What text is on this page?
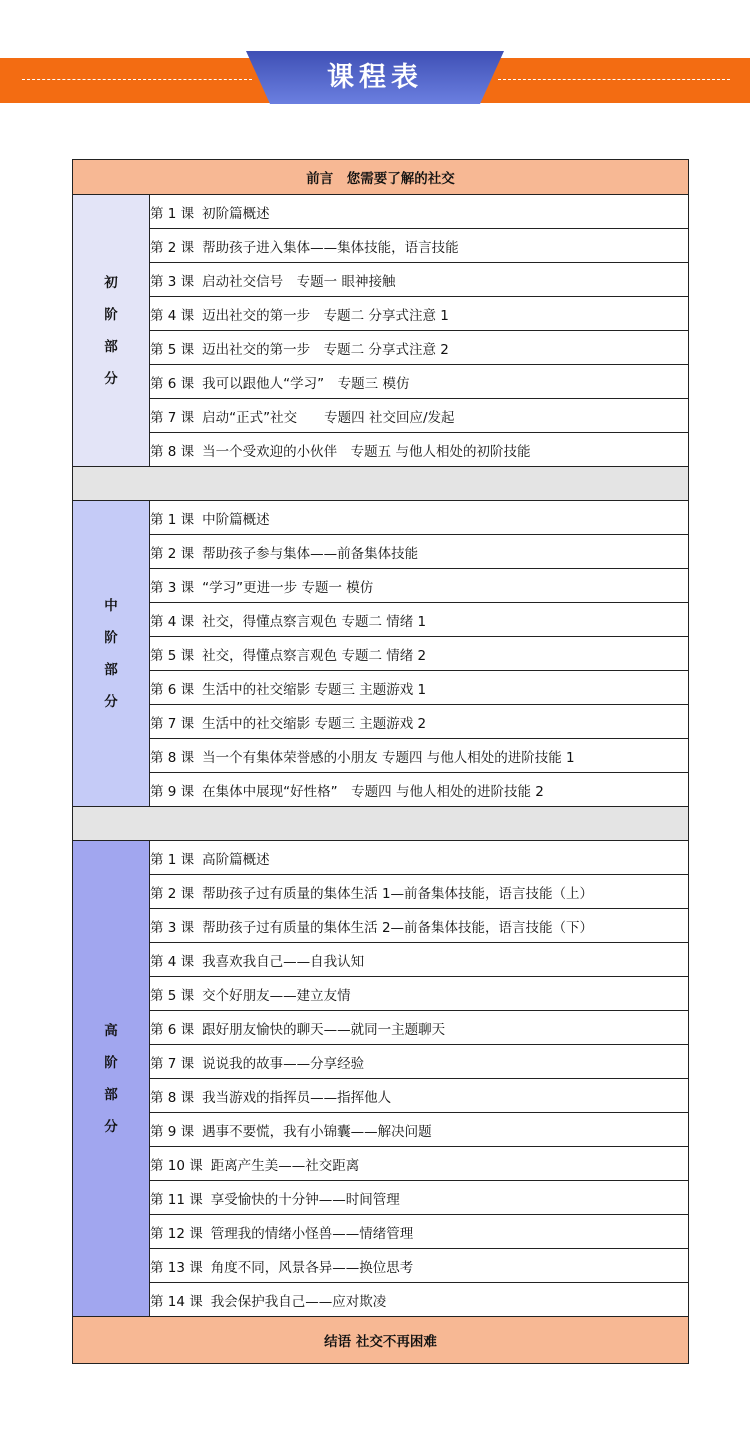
课程表
前言　您需要了解的社交	

初
阶
部
分	第 1 课 初阶篇概述
	第 2 课 帮助孩子进入集体——集体技能，语言技能
	第 3 课 启动社交信号　专题一 眼神接触
	第 4 课 迈出社交的第一步　专题二 分享式注意 1
	第 5 课 迈出社交的第一步　专题二 分享式注意 2
	第 6 课 我可以跟他人“学习”　专题三 模仿
	第 7 课 启动“正式”社交　　专题四 社交回应/发起
	第 8 课 当一个受欢迎的小伙伴　专题五 与他人相处的初阶技能

中
阶
部
分	第 1 课 中阶篇概述
	第 2 课 帮助孩子参与集体——前备集体技能
	第 3 课“学习”更进一步 专题一 模仿
	第 4 课 社交，得懂点察言观色 专题二 情绪 1
	第 5 课 社交，得懂点察言观色 专题二 情绪 2
	第 6 课 生活中的社交缩影 专题三 主题游戏 1
	第 7 课 生活中的社交缩影 专题三 主题游戏 2
	第 8 课 当一个有集体荣誉感的小朋友 专题四 与他人相处的进阶技能 1
	第 9 课 在集体中展现“好性格”　专题四 与他人相处的进阶技能 2

高
阶
部
分	第 1 课 高阶篇概述
	第 2 课 帮助孩子过有质量的集体生活 1—前备集体技能，语言技能（上）
	第 3 课 帮助孩子过有质量的集体生活 2—前备集体技能，语言技能（下）
	第 4 课 我喜欢我自己——自我认知
	第 5 课 交个好朋友——建立友情
	第 6 课 跟好朋友愉快的聊天——就同一主题聊天
	第 7 课 说说我的故事——分享经验
	第 8 课 我当游戏的指挥员——指挥他人
	第 9 课 遇事不要慌，我有小锦囊——解决问题
	第 10 课 距离产生美——社交距离
	第 11 课 享受愉快的十分钟——时间管理
	第 12 课 管理我的情绪小怪兽——情绪管理
	第 13 课 角度不同，风景各异——换位思考
	第 14 课 我会保护我自己——应对欺凌
结语 社交不再困难	
